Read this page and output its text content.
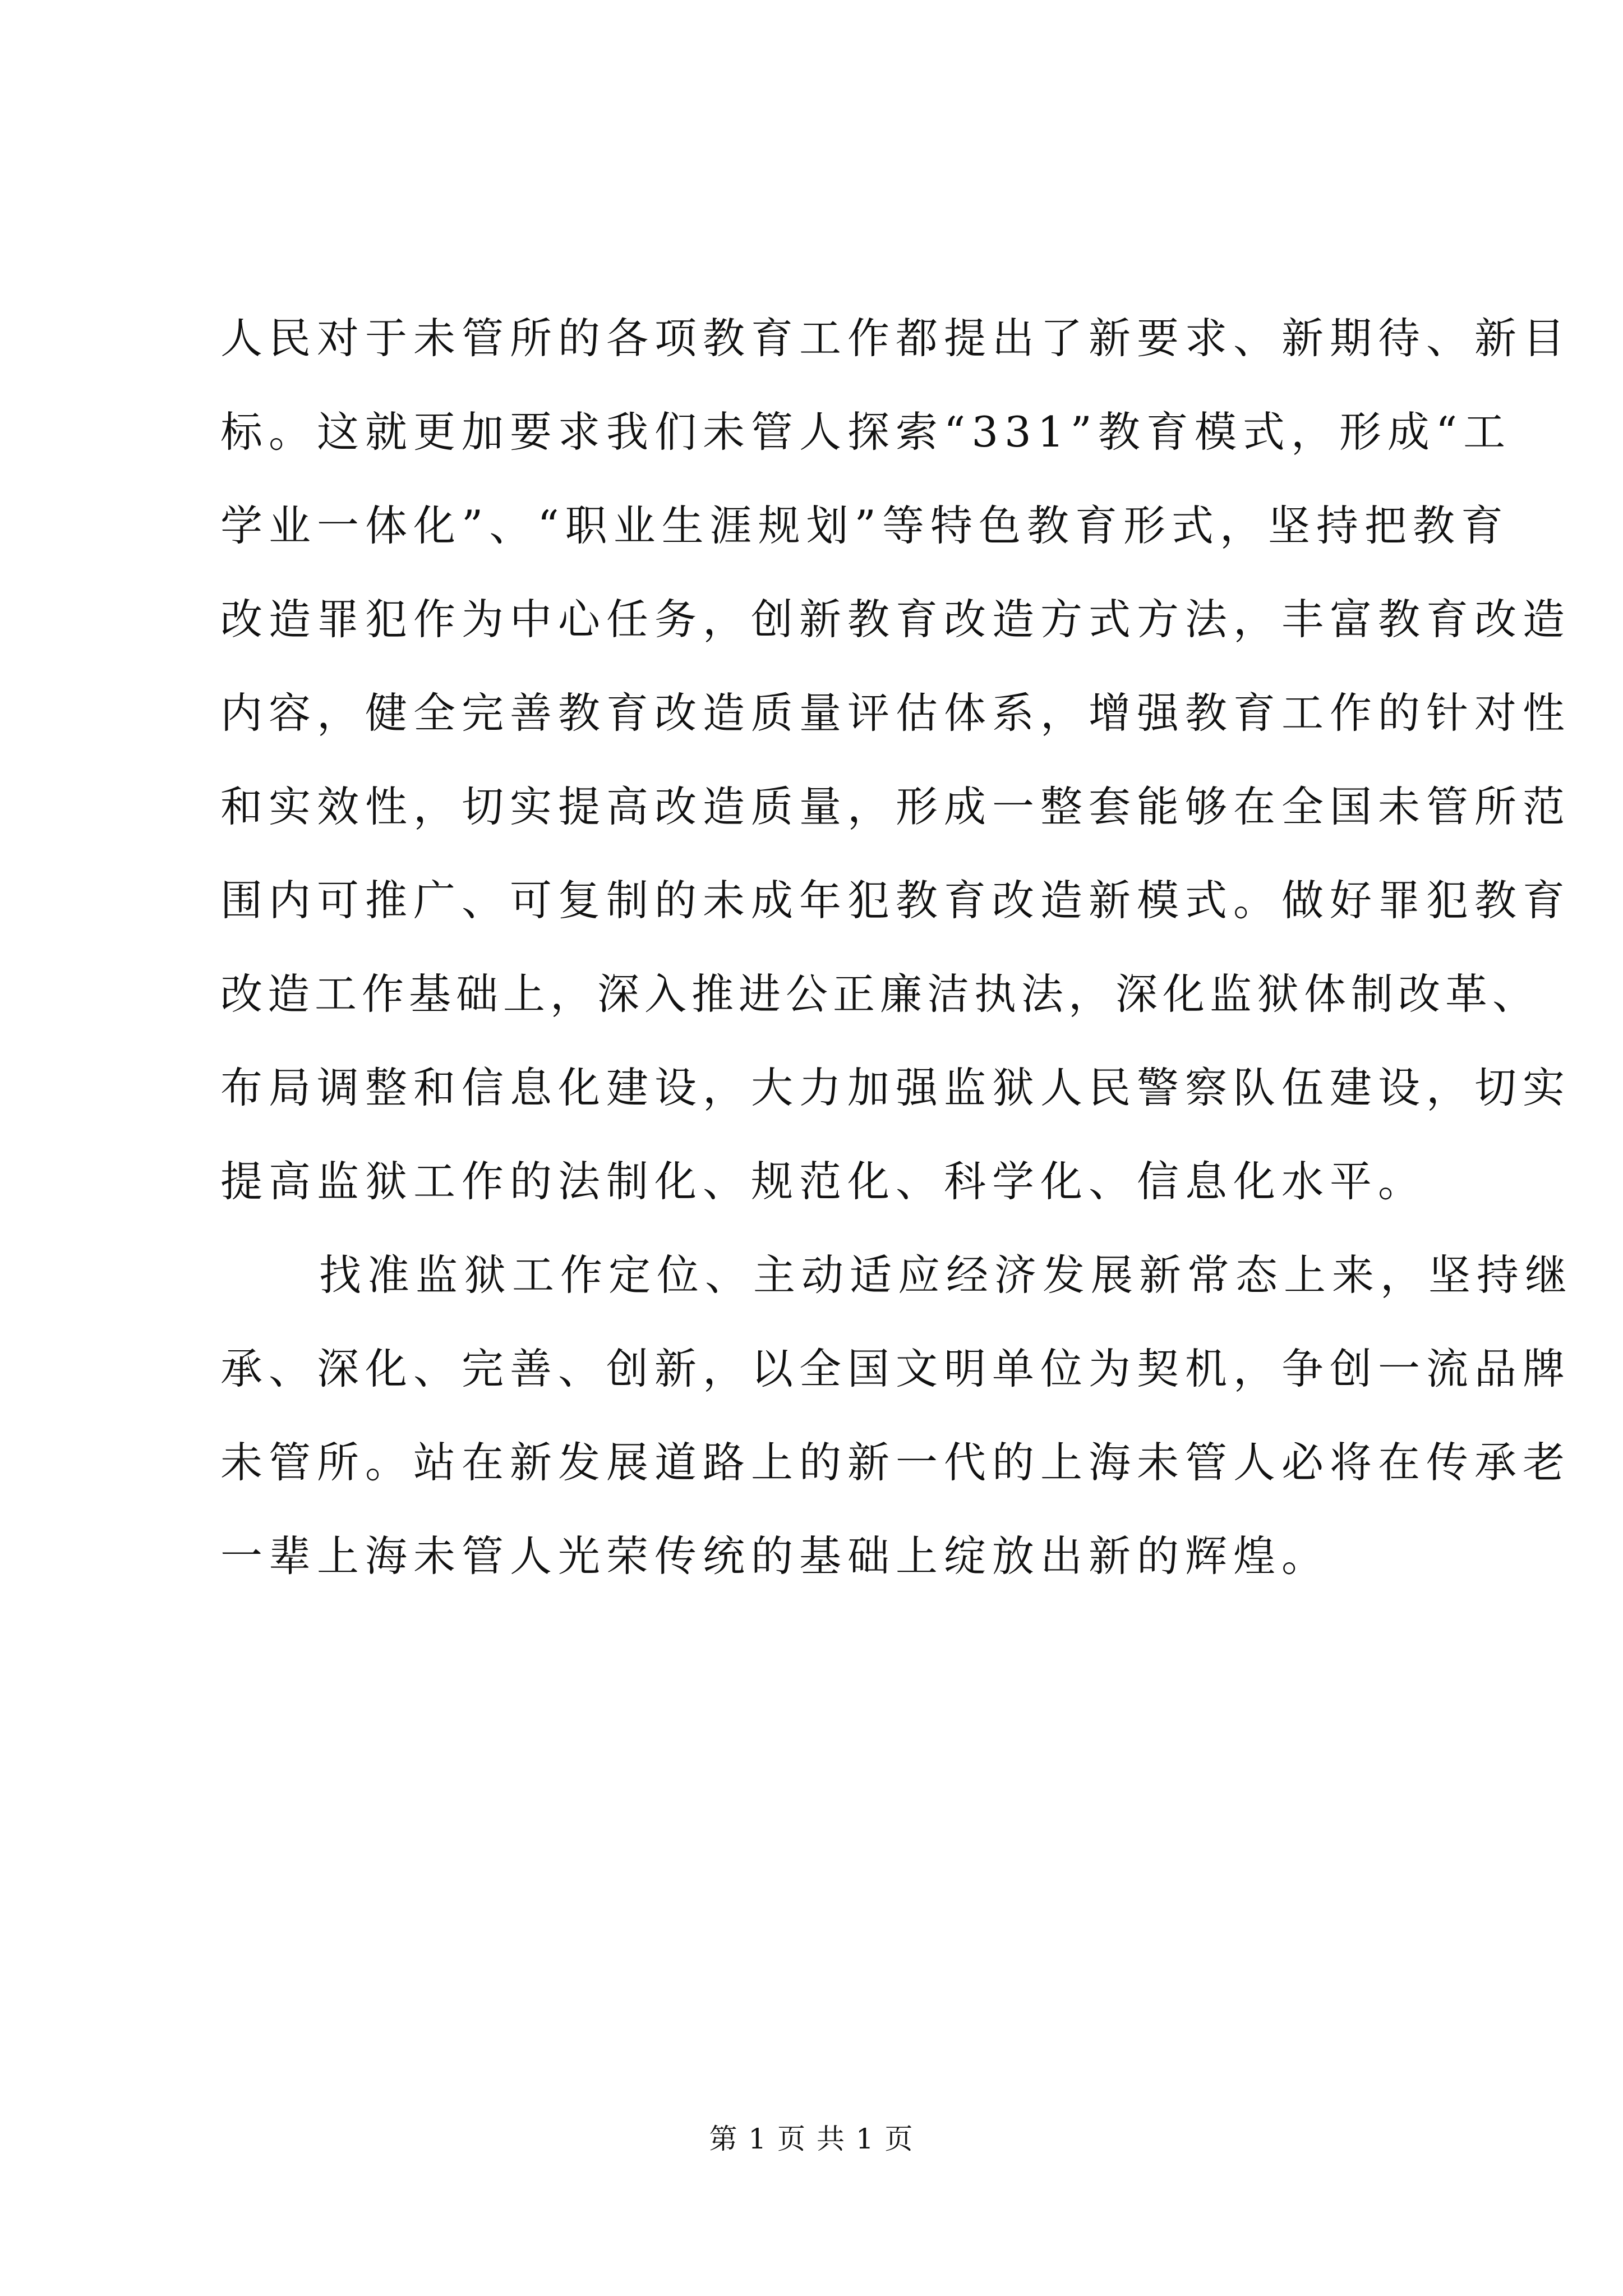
人民对于未管所的各项教育工作都提出了新要求、新期待、新目
标。这就更加要求我们未管人探索“331”教育模式，形成“工
学业一体化”、“职业生涯规划”等特色教育形式，坚持把教育
改造罪犯作为中心任务，创新教育改造方式方法，丰富教育改造
内容，健全完善教育改造质量评估体系，增强教育工作的针对性
和实效性，切实提高改造质量，形成一整套能够在全国未管所范
围内可推广、可复制的未成年犯教育改造新模式。做好罪犯教育
改造工作基础上，深入推进公正廉洁执法，深化监狱体制改革、
布局调整和信息化建设，大力加强监狱人民警察队伍建设，切实
提高监狱工作的法制化、规范化、科学化、信息化水平。
找准监狱工作定位、主动适应经济发展新常态上来，坚持继
承、深化、完善、创新，以全国文明单位为契机，争创一流品牌
未管所。站在新发展道路上的新一代的上海未管人必将在传承老
一辈上海未管人光荣传统的基础上绽放出新的辉煌。
第 1 页 共 1 页
